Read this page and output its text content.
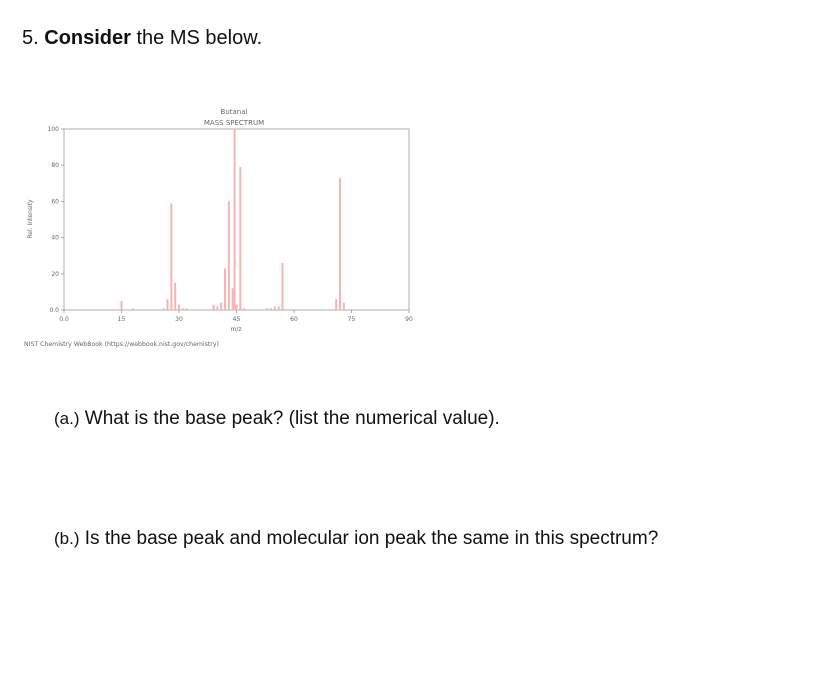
5. Consider the MS below.
Butanal
MASS SPECTRUM
0.0	15	30	45	60	75	90
0.0
20
40
60
80
100
m/z
Rel. Intensity
NIST Chemistry WebBook (https://webbook.nist.gov/chemistry)
(a.) What is the base peak? (list the numerical value).
(b.) Is the base peak and molecular ion peak the same in this spectrum?
